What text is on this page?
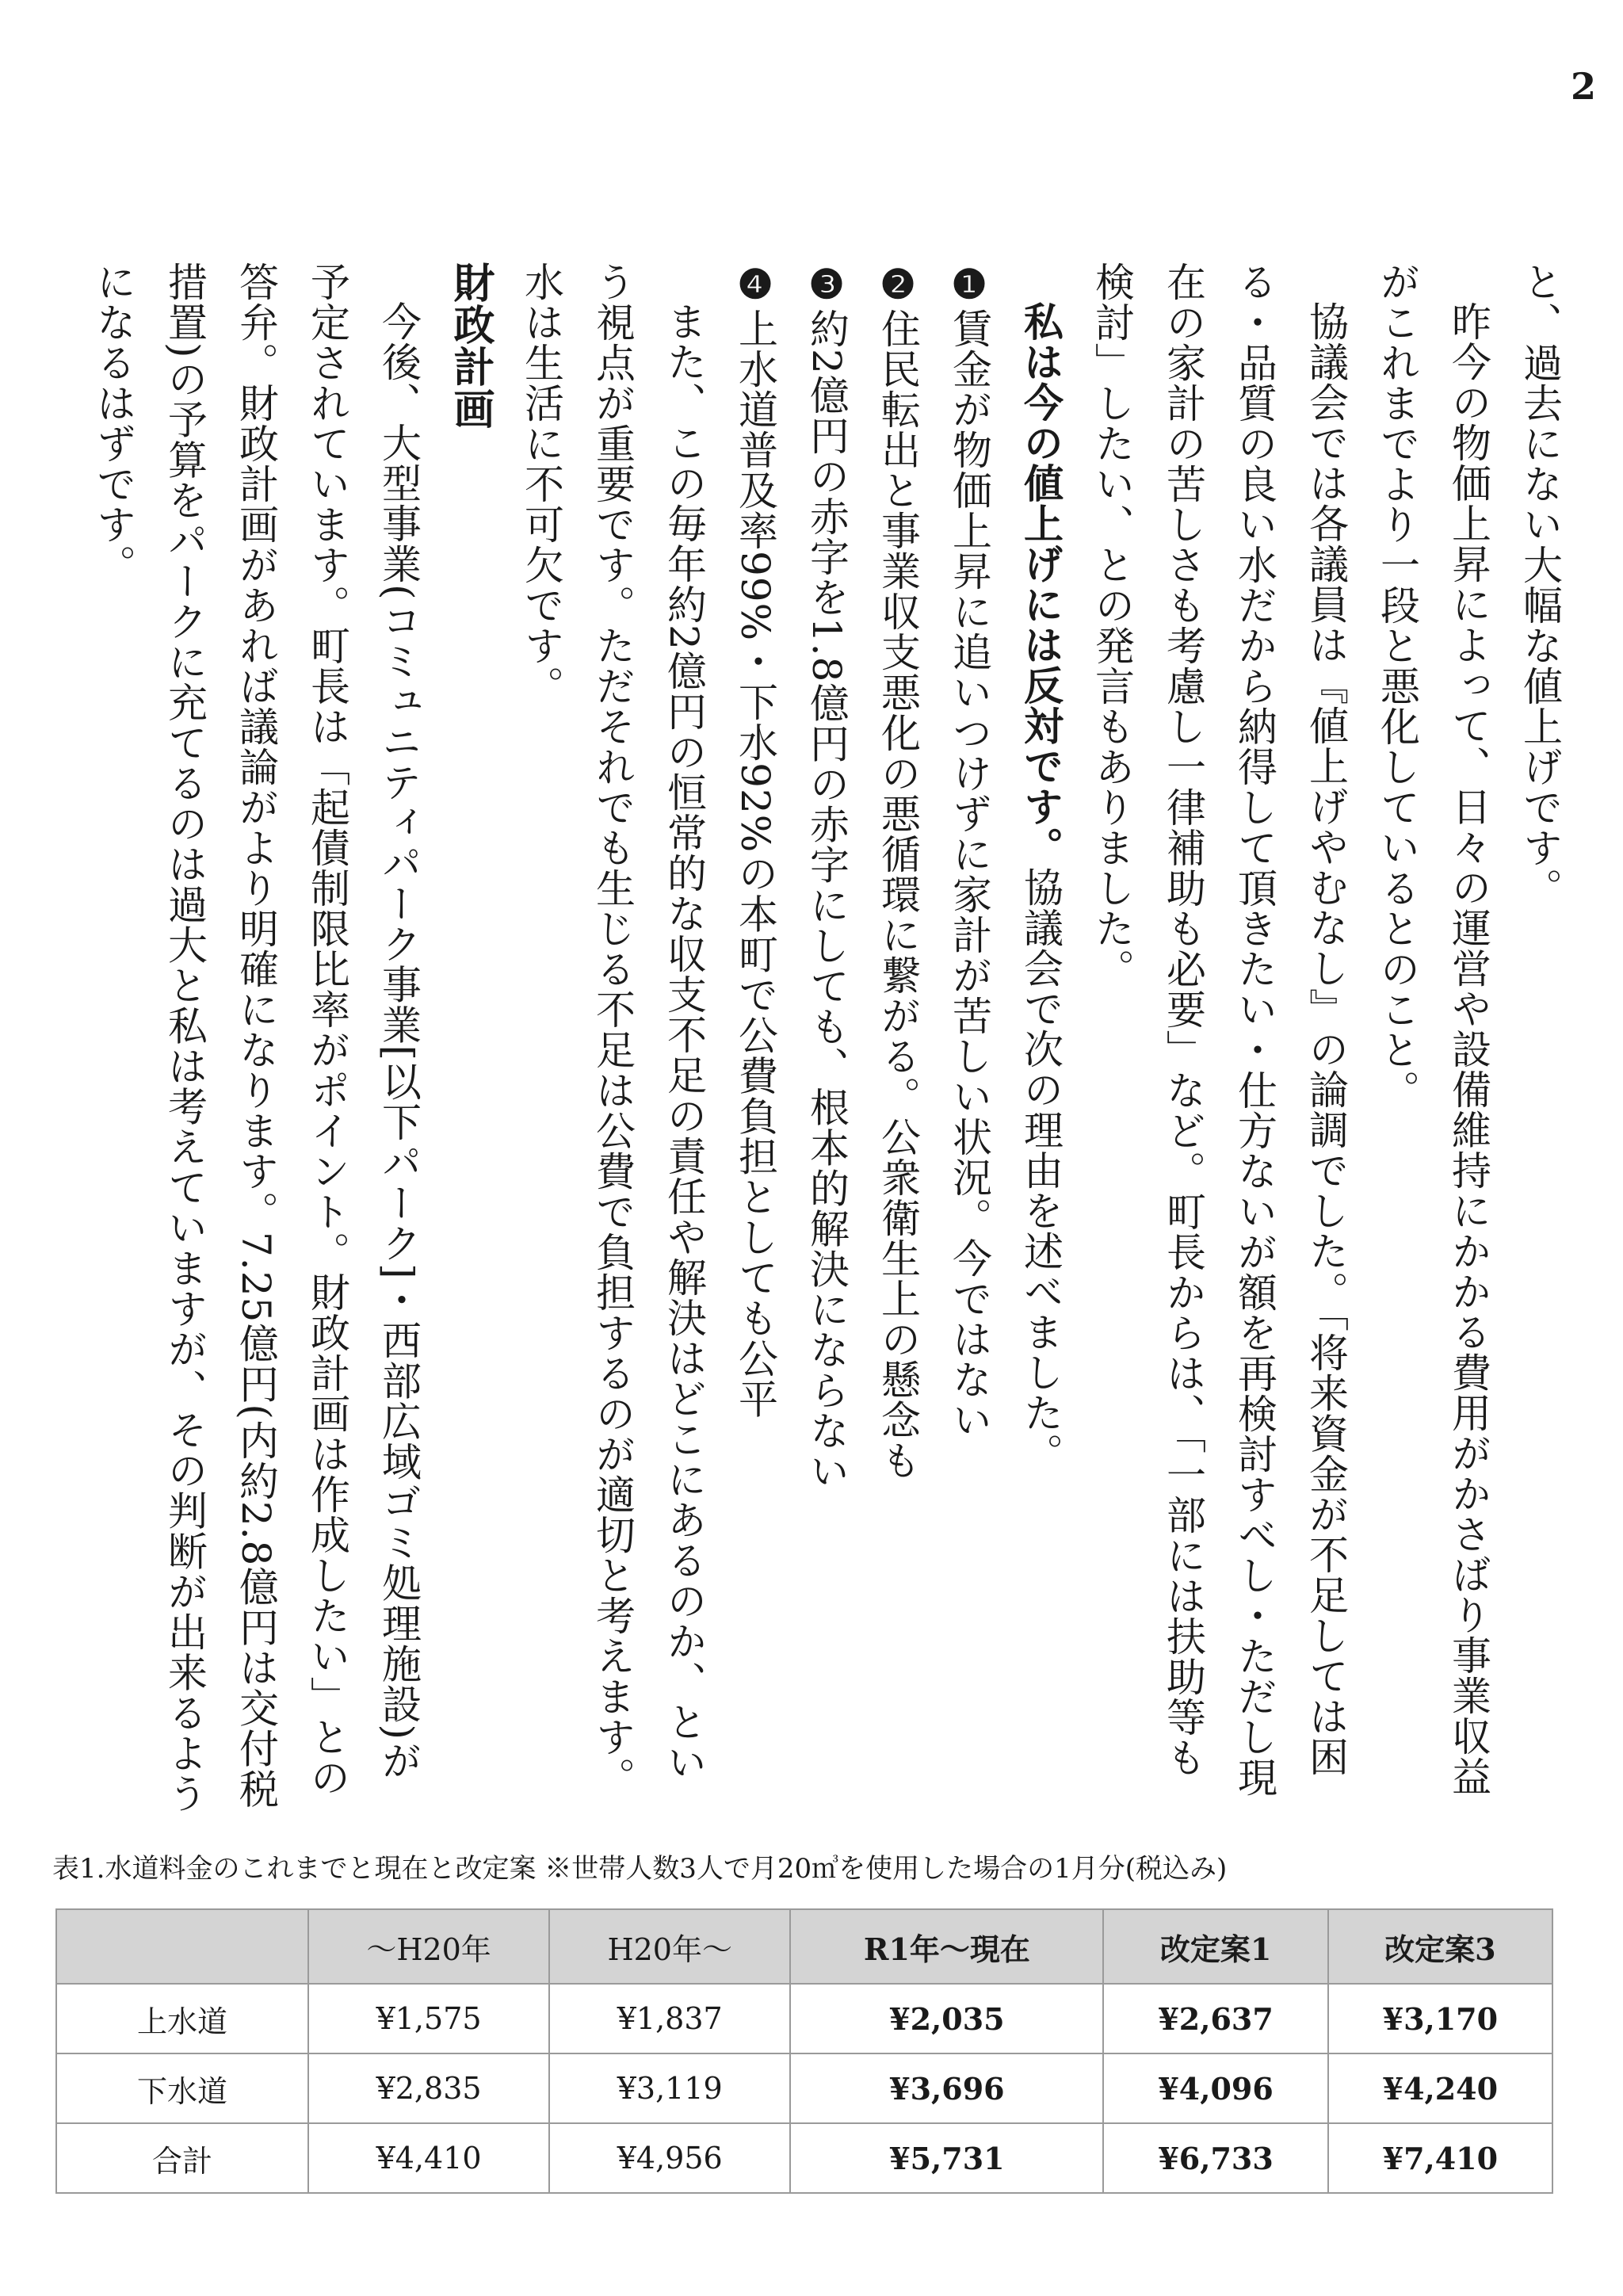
2

と、過去にない大幅な値上げです。

昨今の物価上昇によって、日々の運営や設備維持にかかる費用がかさばり事業収益がこれまでより一段と悪化しているとのこと。

協議会では各議員は『値上げやむなし』の論調でした。「将来資金が不足しては困る・品質の良い水だから納得して頂きたい・仕方ないが額を再検討すべし・ただし現在の家計の苦しさも考慮し一律補助も必要」など。町長からは、「一部には扶助等も検討」したい、との発言もありました。

私は今の値上げには反対です。協議会で次の理由を述べました。

❶賃金が物価上昇に追いつけずに家計が苦しい状況。今ではない

❷住民転出と事業収支悪化の悪循環に繋がる。公衆衛生上の懸念も

❸約2億円の赤字を1.8億円の赤字にしても、根本的解決にならない

❹上水道普及率99%・下水92%の本町で公費負担としても公平

また、この毎年約2億円の恒常的な収支不足の責任や解決はどこにあるのか、という視点が重要です。ただそれでも生じる不足は公費で負担するのが適切と考えます。水は生活に不可欠です。

財政計画

今後、大型事業(コミュニティパーク事業[以下パーク]・西部広域ゴミ処理施設)が予定されています。町長は「起債制限比率がポイント。財政計画は作成したい」との答弁。財政計画があれば議論がより明確になります。7.25億円(内約2.8億円は交付税措置)の予算をパークに充てるのは過大と私は考えていますが、その判断が出来るようになるはずです。

表1.水道料金のこれまでと現在と改定案 ※世帯人数3人で月20㎥を使用した場合の1月分(税込み)
	〜H20年	H20年〜	R1年〜現在	改定案1	改定案3
上水道	¥1,575	¥1,837	¥2,035	¥2,637	¥3,170
下水道	¥2,835	¥3,119	¥3,696	¥4,096	¥4,240
合計	¥4,410	¥4,956	¥5,731	¥6,733	¥7,410
